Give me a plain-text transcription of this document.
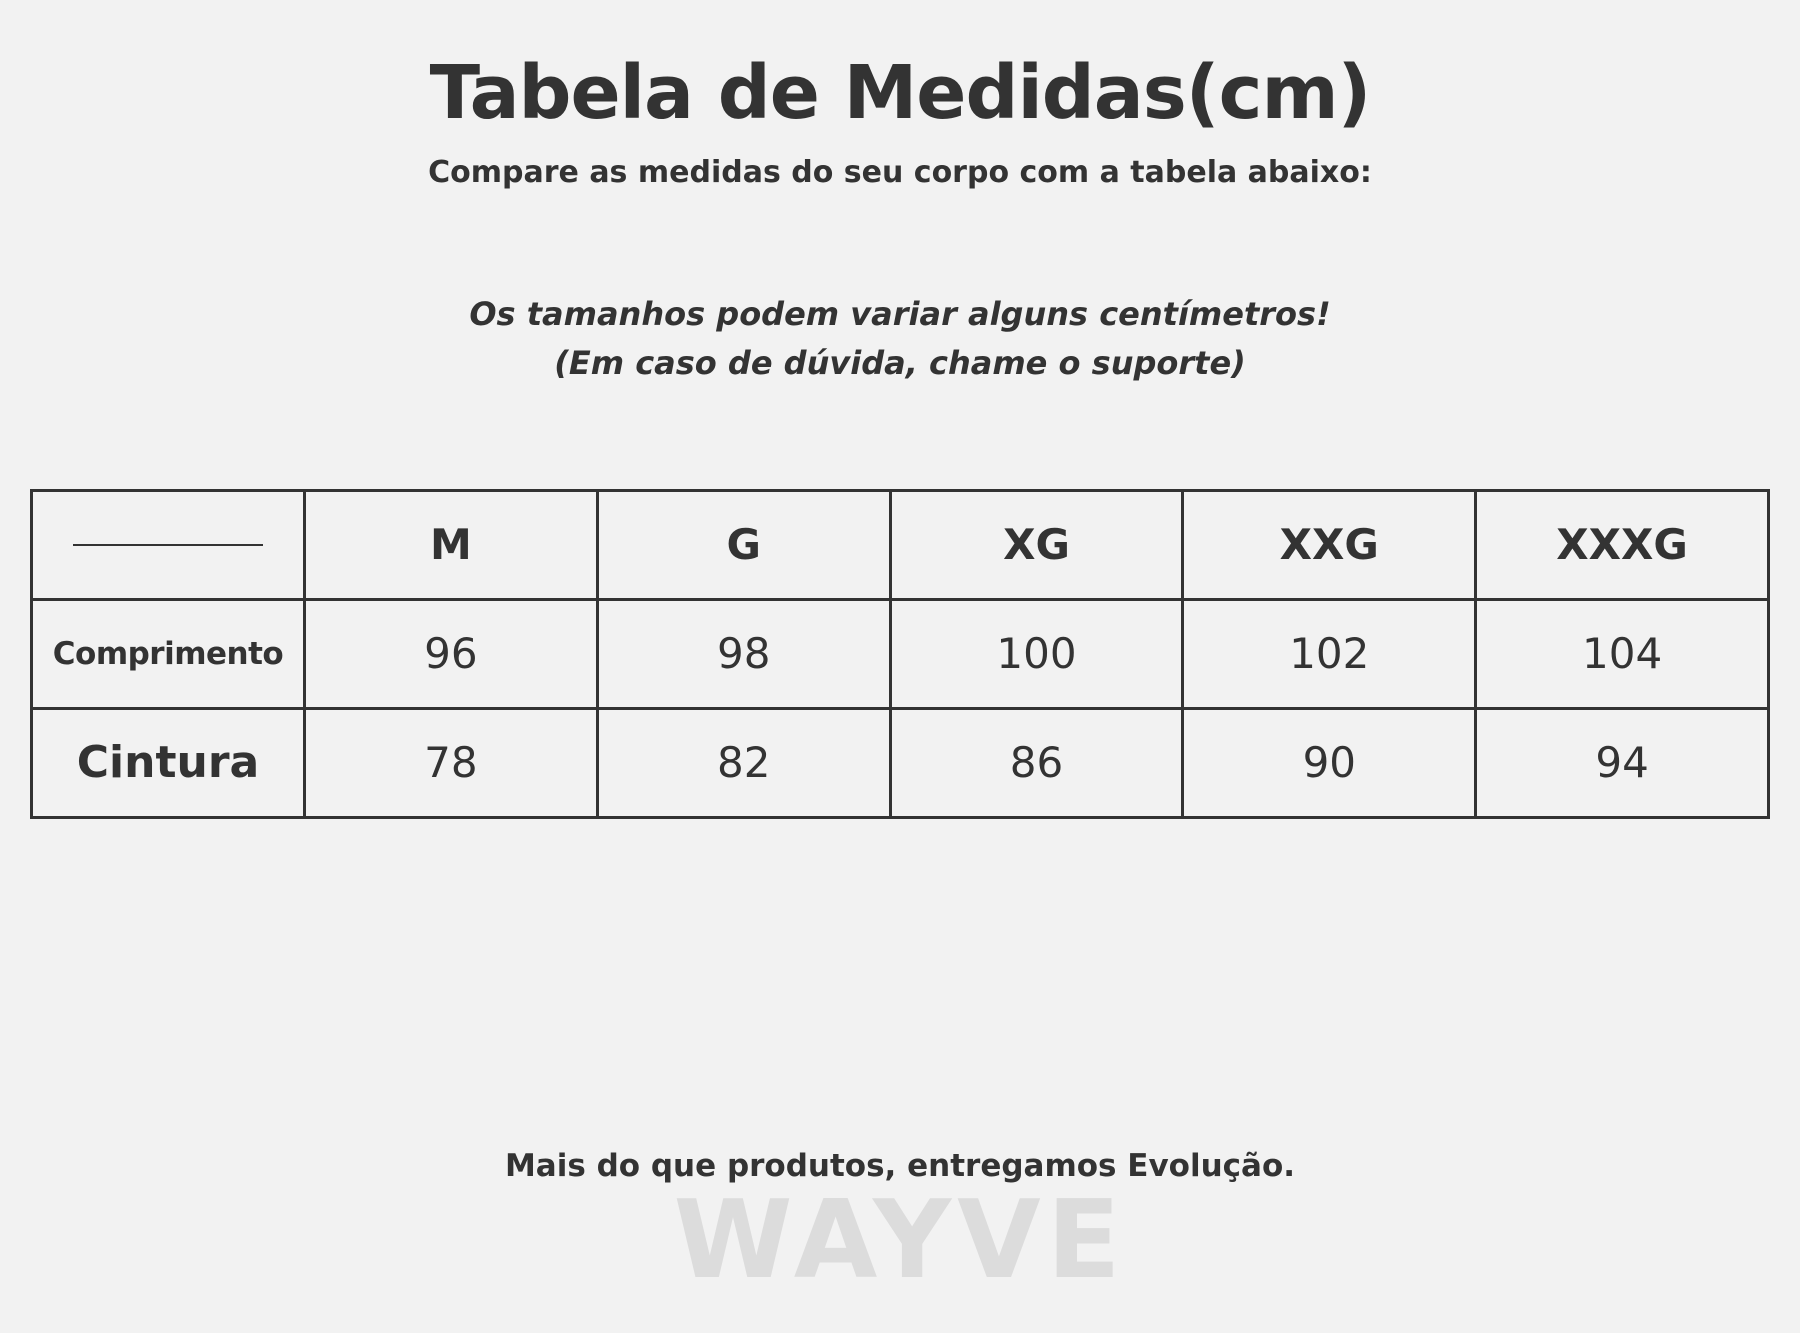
Tabela de Medidas(cm)

Compare as medidas do seu corpo com a tabela abaixo:

Os tamanhos podem variar alguns centímetros!
(Em caso de dúvida, chame o suporte)
	M	G	XG	XXG	XXXG
Comprimento	96	98	100	102	104
Cintura	78	82	86	90	94
Mais do que produtos, entregamos Evolução.
WAYVE
